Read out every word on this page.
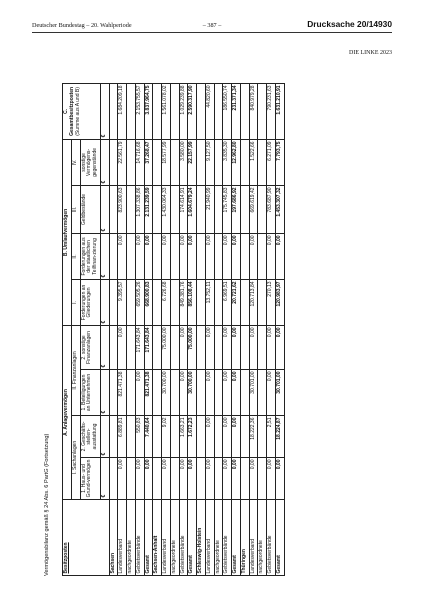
Deutscher Bundestag – 20. Wahlperiode	– 387 –	Drucksache 20/14930
DIE LINKE 2023
Vermögensbilanz gemäß § 24 Abs. 6 PartG (Fortsetzung)	Besitzposten	A. Anlagevermögen				B. Umlaufvermögen				C. Gesamtbesitzposten
(Summe aus A und B)
	I. Sachanlagen		II. Finanzanlagen		I.	II.	III.	IV.	
	1. Haus- und Grund-vermögen	2. Geschäfts-stellen-ausstattung	1. Beteiligungen an Unternehmen	2. sonstige Finanzanlagen	Forderungen an Gliederungen	Forderungen aus der staatlichen Teilfinan-zierung	Geldbestände	sonstige Vermögens-gegenstände	
	€	€	€	€	€	€	€	€	€
Sachsen									
Landesverband	0,00	6.889,81	821.471,38	0,00	9.395,57	0,00	823.900,63	22.561,79	1.684.209,18
nachgeordnete									
Gebietsverbände	0,00	550,83	0,00	171.643,84	659.505,26	0,00	1.307.338,86	14.716,68	2.153.755,57
Gesamt	0,00	7.440,64	821.471,38	171.643,84	668.900,83	0,00	2.131.239,59	37.268,47	3.837.964,75
Sachsen-Anhalt									
Landesverband	0,00	9,02	30.700,00	75.000,00	6.726,68	0,00	1.430.064,33	18.577,99	1.561.078,02
nachgeordnete									
Gebietsverbände	0,00	1.663,21	0,00	0,00	849.381,76	0,00	174.614,91	3.580,00	1.029.239,88
Gesamt	0,00	1.672,23	30.700,00	75.000,00	856.108,44	0,00	1.604.679,24	22.157,99	2.590.317,90
Schleswig-Holstein									
Landesverband	0,00	0,00	0,00	0,00	13.752,11	0,00	21.940,99	9.127,50	44.820,60
nachgeordnete									
Gebietsverbände	0,00	0,00	0,00	0,00	6.969,51	0,00	175.745,83	3.835,30	186.550,74
Gesamt	0,00	0,00	0,00	0,00	20.721,62	0,00	197.686,92	12.962,80	231.371,34
Thüringen									
Landesverband	0,00	18.222,36	30.701,00	0,00	120.713,84	0,00	669.619,42	1.522,66	840.979,28
nachgeordnete									
Gebietsverbände	0,00	2,51	0,00	0,00	270,13	0,00	783.687,90	6.271,09	790.231,63
Gesamt	0,00	18.224,87	30.701,00	0,00	120.983,97	0,00	1.453.307,32	7.793,75	1.631.210,91
